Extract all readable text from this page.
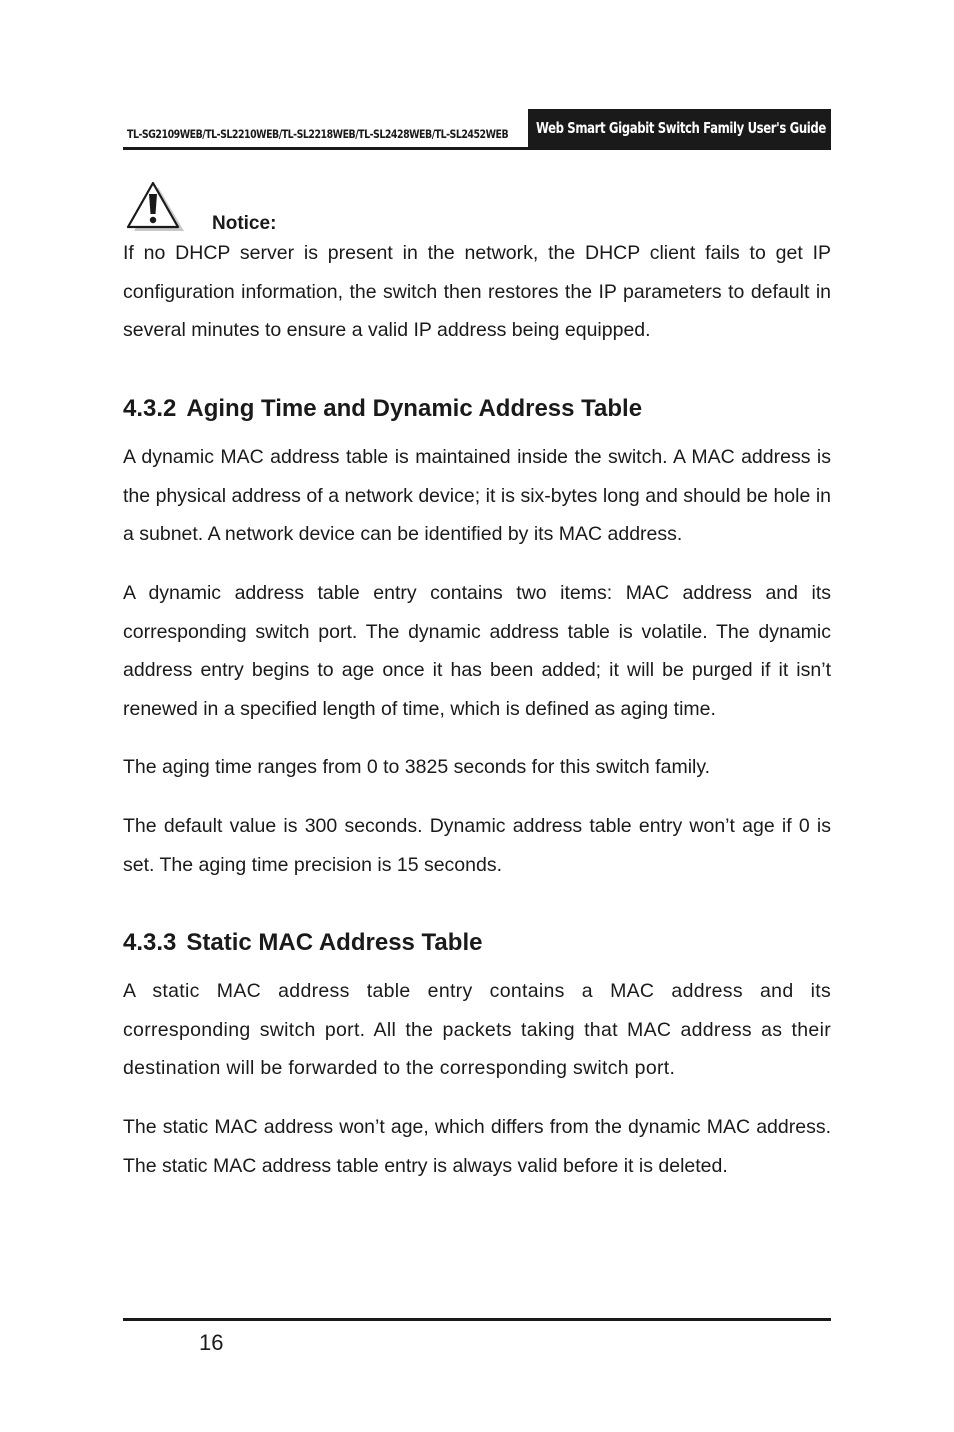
TL-SG2109WEB/TL-SL2210WEB/TL-SL2218WEB/TL-SL2428WEB/TL-SL2452WEB Web Smart Gigabit Switch Family User's Guide
Notice:

If no DHCP server is present in the network, the DHCP client fails to get IP configuration information, the switch then restores the IP parameters to default in several minutes to ensure a valid IP address being equipped.

4.3.2 Aging Time and Dynamic Address Table

A dynamic MAC address table is maintained inside the switch. A MAC address is the physical address of a network device; it is six-bytes long and should be hole in a subnet. A network device can be identified by its MAC address.

A dynamic address table entry contains two items: MAC address and its corresponding switch port. The dynamic address table is volatile. The dynamic address entry begins to age once it has been added; it will be purged if it isn’t renewed in a specified length of time, which is defined as aging time.

The aging time ranges from 0 to 3825 seconds for this switch family.

The default value is 300 seconds. Dynamic address table entry won’t age if 0 is set. The aging time precision is 15 seconds.

4.3.3 Static MAC Address Table

A static MAC address table entry contains a MAC address and its corresponding switch port. All the packets taking that MAC address as their destination will be forwarded to the corresponding switch port.

The static MAC address won’t age, which differs from the dynamic MAC address. The static MAC address table entry is always valid before it is deleted.

16
